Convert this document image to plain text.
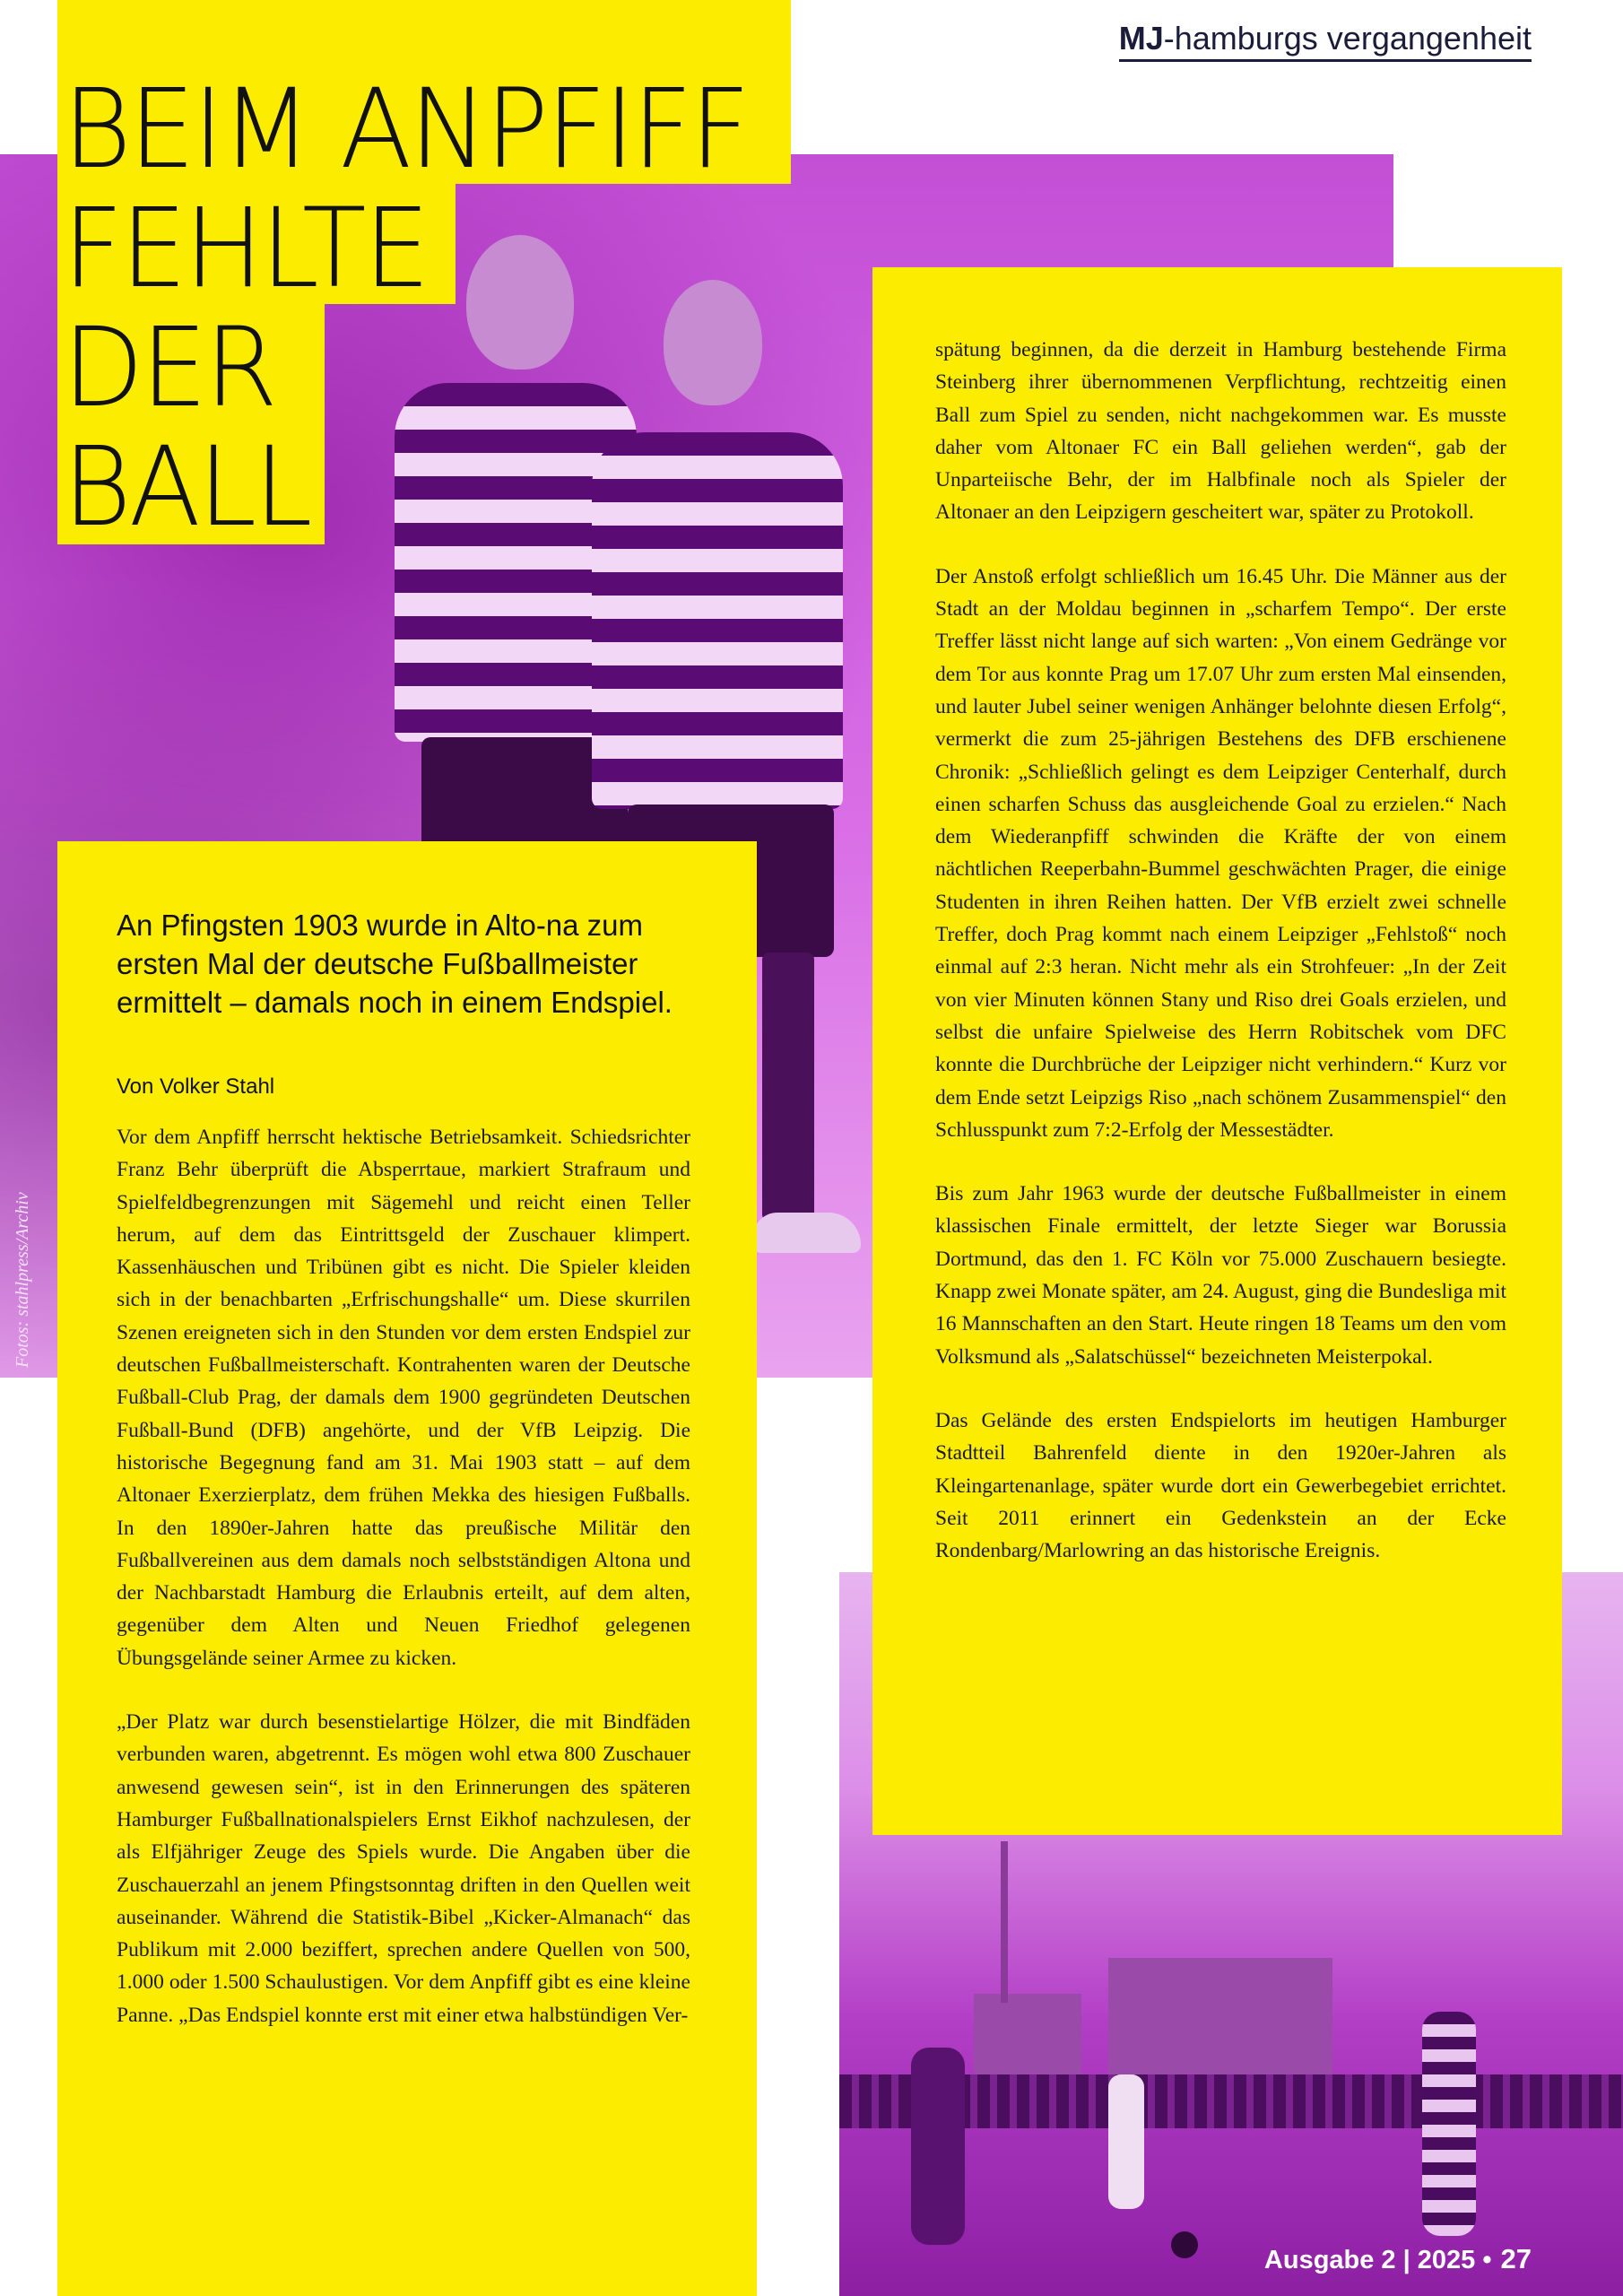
BEIM ANPFIFF
FEHLTE
DER
BALL
MJ-hamburgs vergangenheit
An Pfingsten 1903 wurde in Alto-na zum ersten Mal der deutsche Fußballmeister ermittelt – damals noch in einem Endspiel.
Von Volker Stahl

Vor dem Anpfiff herrscht hektische Betriebsamkeit. Schiedsrichter Franz Behr überprüft die Absperrtaue, markiert Strafraum und Spielfeldbegrenzungen mit Sägemehl und reicht einen Teller herum, auf dem das Eintrittsgeld der Zuschauer klimpert. Kassenhäuschen und Tribünen gibt es nicht. Die Spieler kleiden sich in der benachbarten „Erfrischungshalle“ um. Diese skurrilen Szenen ereigneten sich in den Stunden vor dem ersten Endspiel zur deutschen Fußballmeisterschaft. Kontrahenten waren der Deutsche Fußball-Club Prag, der damals dem 1900 gegründeten Deutschen Fußball-Bund (DFB) angehörte, und der VfB Leipzig. Die historische Begegnung fand am 31. Mai 1903 statt – auf dem Altonaer Exerzierplatz, dem frühen Mekka des hiesigen Fußballs. In den 1890er-Jahren hatte das preußische Militär den Fußballvereinen aus dem damals noch selbstständigen Altona und der Nachbarstadt Hamburg die Erlaubnis erteilt, auf dem alten, gegenüber dem Alten und Neuen Friedhof gelegenen Übungsgelände seiner Armee zu kicken.

„Der Platz war durch besenstielartige Hölzer, die mit Bindfäden verbunden waren, abgetrennt. Es mögen wohl etwa 800 Zuschauer anwesend gewesen sein“, ist in den Erinnerungen des späteren Hamburger Fußballnationalspielers Ernst Eikhof nachzulesen, der als Elfjähriger Zeuge des Spiels wurde. Die Angaben über die Zuschauerzahl an jenem Pfingstsonntag driften in den Quellen weit auseinander. Während die Statistik-Bibel „Kicker-Almanach“ das Publikum mit 2.000 beziffert, sprechen andere Quellen von 500, 1.000 oder 1.500 Schaulustigen. Vor dem Anpfiff gibt es eine kleine Panne. „Das Endspiel konnte erst mit einer etwa halbstündigen Ver-

spätung beginnen, da die derzeit in Hamburg bestehende Firma Steinberg ihrer übernommenen Verpflichtung, rechtzeitig einen Ball zum Spiel zu senden, nicht nachgekommen war. Es musste daher vom Altonaer FC ein Ball geliehen werden“, gab der Unparteiische Behr, der im Halbfinale noch als Spieler der Altonaer an den Leipzigern gescheitert war, später zu Protokoll.

Der Anstoß erfolgt schließlich um 16.45 Uhr. Die Männer aus der Stadt an der Moldau beginnen in „scharfem Tempo“. Der erste Treffer lässt nicht lange auf sich warten: „Von einem Gedränge vor dem Tor aus konnte Prag um 17.07 Uhr zum ersten Mal einsenden, und lauter Jubel seiner wenigen Anhänger belohnte diesen Erfolg“, vermerkt die zum 25-jährigen Bestehens des DFB erschienene Chronik: „Schließlich gelingt es dem Leipziger Centerhalf, durch einen scharfen Schuss das ausgleichende Goal zu erzielen.“ Nach dem Wiederanpfiff schwinden die Kräfte der von einem nächtlichen Reeperbahn-Bummel geschwächten Prager, die einige Studenten in ihren Reihen hatten. Der VfB erzielt zwei schnelle Treffer, doch Prag kommt nach einem Leipziger „Fehlstoß“ noch einmal auf 2:3 heran. Nicht mehr als ein Strohfeuer: „In der Zeit von vier Minuten können Stany und Riso drei Goals erzielen, und selbst die unfaire Spielweise des Herrn Robitschek vom DFC konnte die Durchbrüche der Leipziger nicht verhindern.“ Kurz vor dem Ende setzt Leipzigs Riso „nach schönem Zusammenspiel“ den Schlusspunkt zum 7:2-Erfolg der Messestädter.

Bis zum Jahr 1963 wurde der deutsche Fußballmeister in einem klassischen Finale ermittelt, der letzte Sieger war Borussia Dortmund, das den 1. FC Köln vor 75.000 Zuschauern besiegte. Knapp zwei Monate später, am 24. August, ging die Bundesliga mit 16 Mannschaften an den Start. Heute ringen 18 Teams um den vom Volksmund als „Salatschüssel“ bezeichneten Meisterpokal.

Das Gelände des ersten Endspielorts im heutigen Hamburger Stadtteil Bahrenfeld diente in den 1920er-Jahren als Kleingartenanlage, später wurde dort ein Gewerbegebiet errichtet. Seit 2011 erinnert ein Gedenkstein an der Ecke Rondenbarg/Marlowring an das historische Ereignis.

Fotos: stahlpress/Archiv
Ausgabe 2 | 2025 • 27
